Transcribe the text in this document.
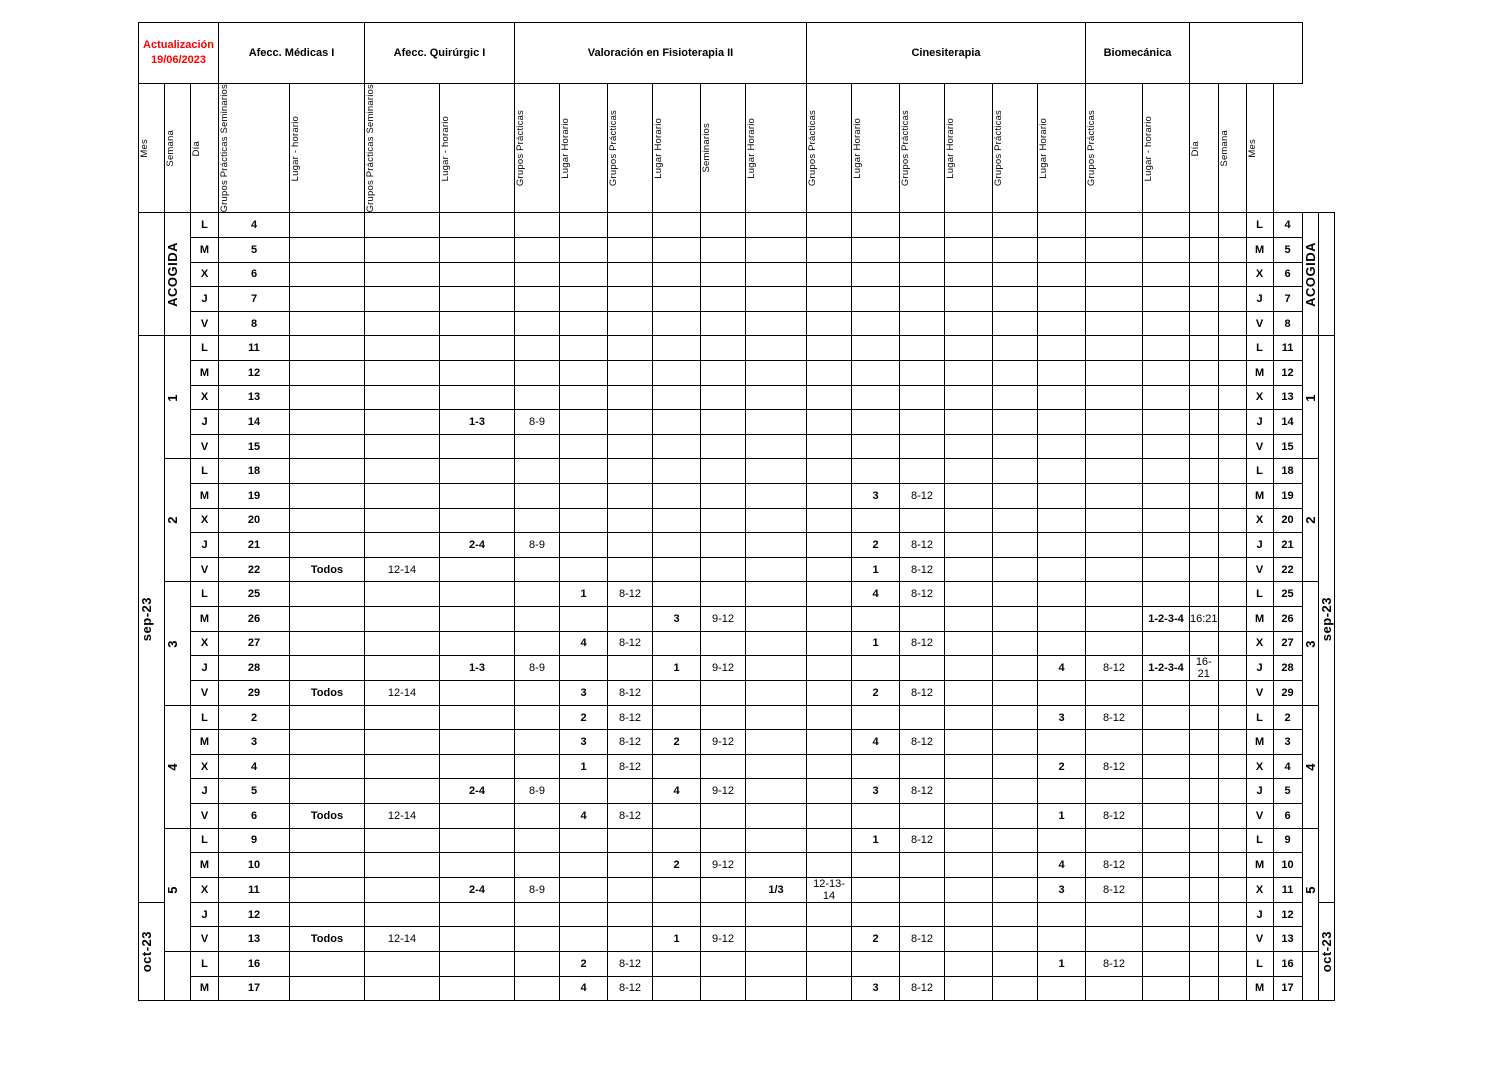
Actualización
19/06/2023			Afecc. Médicas I		Afecc. Quirúrgic I		Valoración en Fisioterapia II						Cinesiterapia						Biomecánica								

Mes	Semana	Día	Grupos Prácticas Seminarios	Lugar - horario	Grupos Prácticas Seminarios	Lugar - horario	Grupos Prácticas	Lugar Horario	Grupos Prácticas	Lugar Horario	Seminarios	Lugar Horario	Grupos Prácticas	Lugar Horario	Grupos Prácticas	Lugar Horario	Grupos Prácticas	Lugar Horario	Grupos Prácticas	Lugar - horario	Día	Semana	Mes				

	ACOGIDA	L	4																				L	4	ACOGIDA		

		M	5																				M	5			
		X	6																				X	6			
		J	7																				J	7			
		V	8																				V	8			

sep-23	1	L	11																				L	11	1	sep-23	

		M	12																				M	12			
		X	13																				X	13			
		J	14			1-3	8-9																J	14			
		V	15																				V	15			

	2	L	18																				L	18	2		

		M	19											3	8-12								M	19			
		X	20																				X	20			
		J	21			2-4	8-9							2	8-12								J	21			
		V	22	Todos	12-14									1	8-12								V	22			

	3	L	25					1	8-12					4	8-12								L	25	3		

		M	26							3	9-12									1-2-3-4	16:21		M	26			
		X	27					4	8-12					1	8-12								X	27			
		J	28			1-3	8-9			1	9-12							4	8-12	1-2-3-4	16-21		J	28			
		V	29	Todos	12-14			3	8-12					2	8-12								V	29			

	4	L	2					2	8-12									3	8-12				L	2	4		

		M	3					3	8-12	2	9-12			4	8-12								M	3			
		X	4					1	8-12									2	8-12				X	4			
		J	5			2-4	8-9			4	9-12			3	8-12								J	5			
		V	6	Todos	12-14			4	8-12									1	8-12				V	6			

	5	L	9											1	8-12								L	9	5		

		M	10							2	9-12							4	8-12				M	10			
		X	11			2-4	8-9					1/3	12-13-14					3	8-12				X	11			

oct-23		J	12																				J	12		oct-23	

		V	13	Todos	12-14					1	9-12			2	8-12								V	13			

		L	16					2	8-12									1	8-12				L	16		

		M	17					4	8-12					3	8-12								M	17			
